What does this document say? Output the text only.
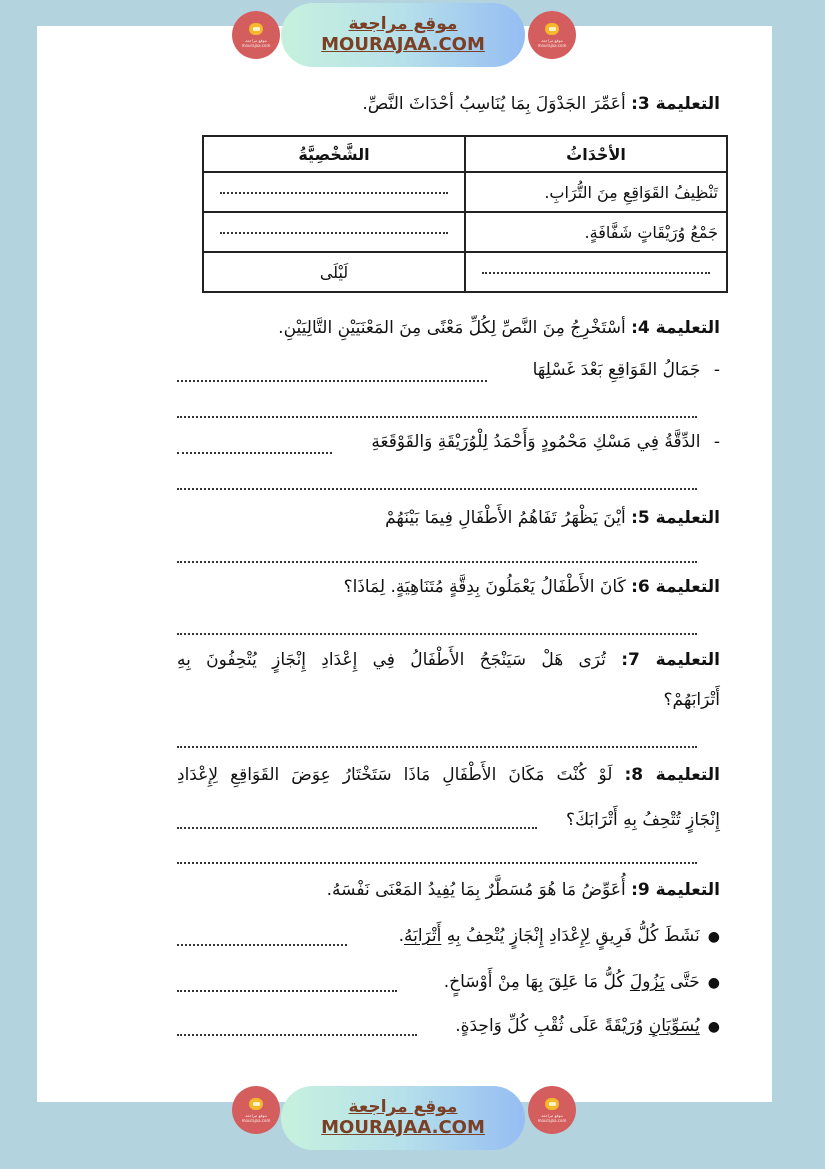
موقع مراجعة
mourajaa.com
موقع مراجعة
MOURAJAA.COM	موقع مراجعة
mourajaa.com
التعليمة 3: أعَمِّرَ الجَدْوَلَ بِمَا يُنَاسِبُ أحْدَاثَ النَّصِّ.
الأحْدَاثُ	الشَّخْصِيَّةُ
تَنْظِيفُ القَوَاقِعِ مِنَ التُّرَابِ.	
جَمْعُ وُرَيْقَاتٍ شَفَّافَةٍ.	
	لَيْلَى
التعليمة 4: أسْتَخْرِجُ مِنَ النَّصِّ لِكُلِّ مَعْنًى مِنَ المَعْنَيَيْنِ التَّالِيَيْنِ.
- جَمَالُ القَوَاقِعِ بَعْدَ غَسْلِهَا
- الدِّقَّةُ فِي مَسْكِ مَحْمُودٍ وَأَحْمَدُ لِلْوُرَيْقَةِ وَالقَوْقَعَةِ
التعليمة 5: أيْنَ يَظْهَرُ تَفَاهُمُ الأَطْفَالِ فِيمَا بَيْنَهُمْ
التعليمة 6: كَانَ الأَطْفَالُ يَعْمَلُونَ بِدِقَّةٍ مُتَنَاهِيَةٍ. لِمَاذَا؟
التعليمة 7: تُرَى هَلْ سَيَنْجَحُ الأَطْفَالُ فِي إِعْدَادِ إِنْجَازٍ يُتْحِفُونَ بِهِ
أَتْرَابَهُمْ؟
التعليمة 8: لَوْ كُنْتَ مَكَانَ الأَطْفَالِ مَاذَا سَتَخْتَارُ عِوَضَ القَوَاقِعِ لِإِعْدَادِ
إِنْجَازٍ تُتْحِفُ بِهِ أَتْرَابَكَ؟
التعليمة 9: أُعَوِّضُ مَا هُوَ مُسَطَّرٌ بِمَا يُفِيدُ المَعْنَى نَفْسَهُ.
●نَشَطَ كُلُّ فَرِيقٍ لِإِعْدَادِ إِنْجَازٍ يُتْحِفُ بِهِ أَتْرَابَهُ.
●حَتَّى يَزُولَ كُلُّ مَا عَلِقَ بِهَا مِنْ أَوْسَاخٍ.
●يُسَوِّيَانِ وُرَيْقَةً عَلَى ثُقْبِ كُلِّ وَاحِدَةٍ.
موقع مراجعة
mourajaa.com
موقع مراجعة
MOURAJAA.COM
موقع مراجعة
mourajaa.com
